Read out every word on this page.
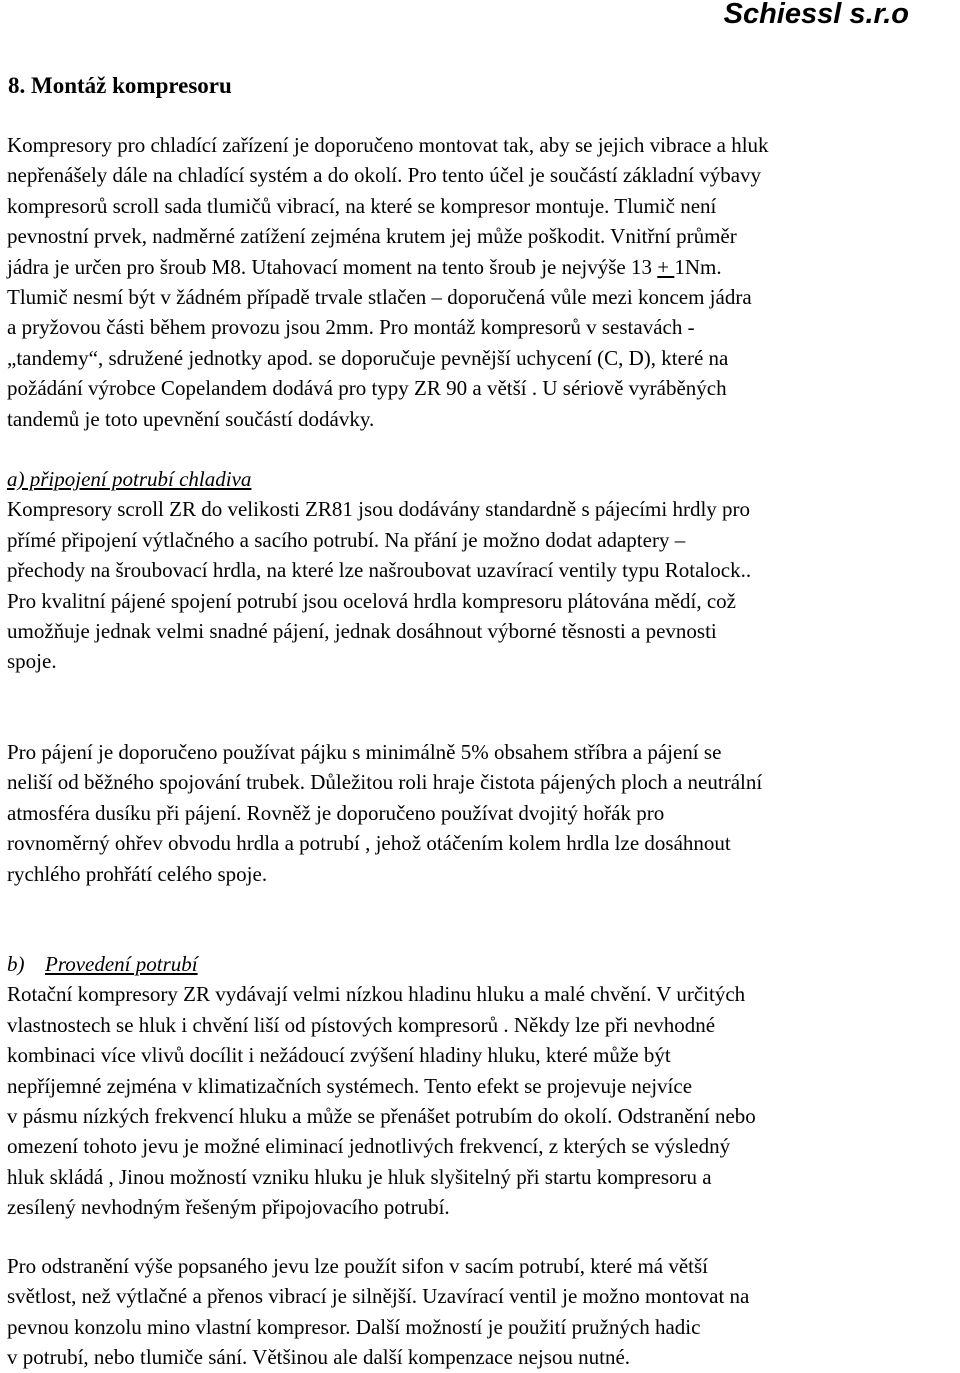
Schiessl s.r.o
8. Montáž kompresoru
Kompresory pro chladící zařízení je doporučeno montovat tak, aby se jejich vibrace a hluk
nepřenášely dále na chladící systém a do okolí. Pro tento účel je součástí základní výbavy
kompresorů scroll sada tlumičů vibrací, na které se kompresor montuje. Tlumič není
pevnostní prvek, nadměrné zatížení zejména krutem jej může poškodit. Vnitřní průměr
jádra je určen pro šroub M8. Utahovací moment na tento šroub je nejvýše 13 + 1Nm.
Tlumič nesmí být v žádném případě trvale stlačen – doporučená vůle mezi koncem jádra
a pryžovou části během provozu jsou 2mm. Pro montáž kompresorů v sestavách -
„tandemy“, sdružené jednotky apod. se doporučuje pevnější uchycení (C, D), které na
požádání výrobce Copelandem dodává pro typy ZR 90 a větší . U sériově vyráběných
tandemů je toto upevnění součástí dodávky.
a) připojení potrubí chladiva
Kompresory scroll ZR do velikosti ZR81 jsou dodávány standardně s pájecími hrdly pro
přímé připojení výtlačného a sacího potrubí. Na přání je možno dodat adaptery –
přechody na šroubovací hrdla, na které lze našroubovat uzavírací ventily typu Rotalock..
Pro kvalitní pájené spojení potrubí jsou ocelová hrdla kompresoru plátována mědí, což
umožňuje jednak velmi snadné pájení, jednak dosáhnout výborné těsnosti a pevnosti
spoje.
Pro pájení je doporučeno používat pájku s minimálně 5% obsahem stříbra a pájení se
neliší od běžného spojování trubek. Důležitou roli hraje čistota pájených ploch a neutrální
atmosféra dusíku při pájení. Rovněž je doporučeno používat dvojitý hořák pro
rovnoměrný ohřev obvodu hrdla a potrubí , jehož otáčením kolem hrdla lze dosáhnout
rychlého prohřátí celého spoje.
b) Provedení potrubí
Rotační kompresory ZR vydávají velmi nízkou hladinu hluku a malé chvění. V určitých
vlastnostech se hluk i chvění liší od pístových kompresorů . Někdy lze při nevhodné
kombinaci více vlivů docílit i nežádoucí zvýšení hladiny hluku, které může být
nepříjemné zejména v klimatizačních systémech. Tento efekt se projevuje nejvíce
v pásmu nízkých frekvencí hluku a může se přenášet potrubím do okolí. Odstranění nebo
omezení tohoto jevu je možné eliminací jednotlivých frekvencí, z kterých se výsledný
hluk skládá , Jinou možností vzniku hluku je hluk slyšitelný při startu kompresoru a
zesílený nevhodným řešeným připojovacího potrubí.
Pro odstranění výše popsaného jevu lze použít sifon v sacím potrubí, které má větší
světlost, než výtlačné a přenos vibrací je silnější. Uzavírací ventil je možno montovat na
pevnou konzolu mino vlastní kompresor. Další možností je použití pružných hadic
v potrubí, nebo tlumiče sání. Většinou ale další kompenzace nejsou nutné.
